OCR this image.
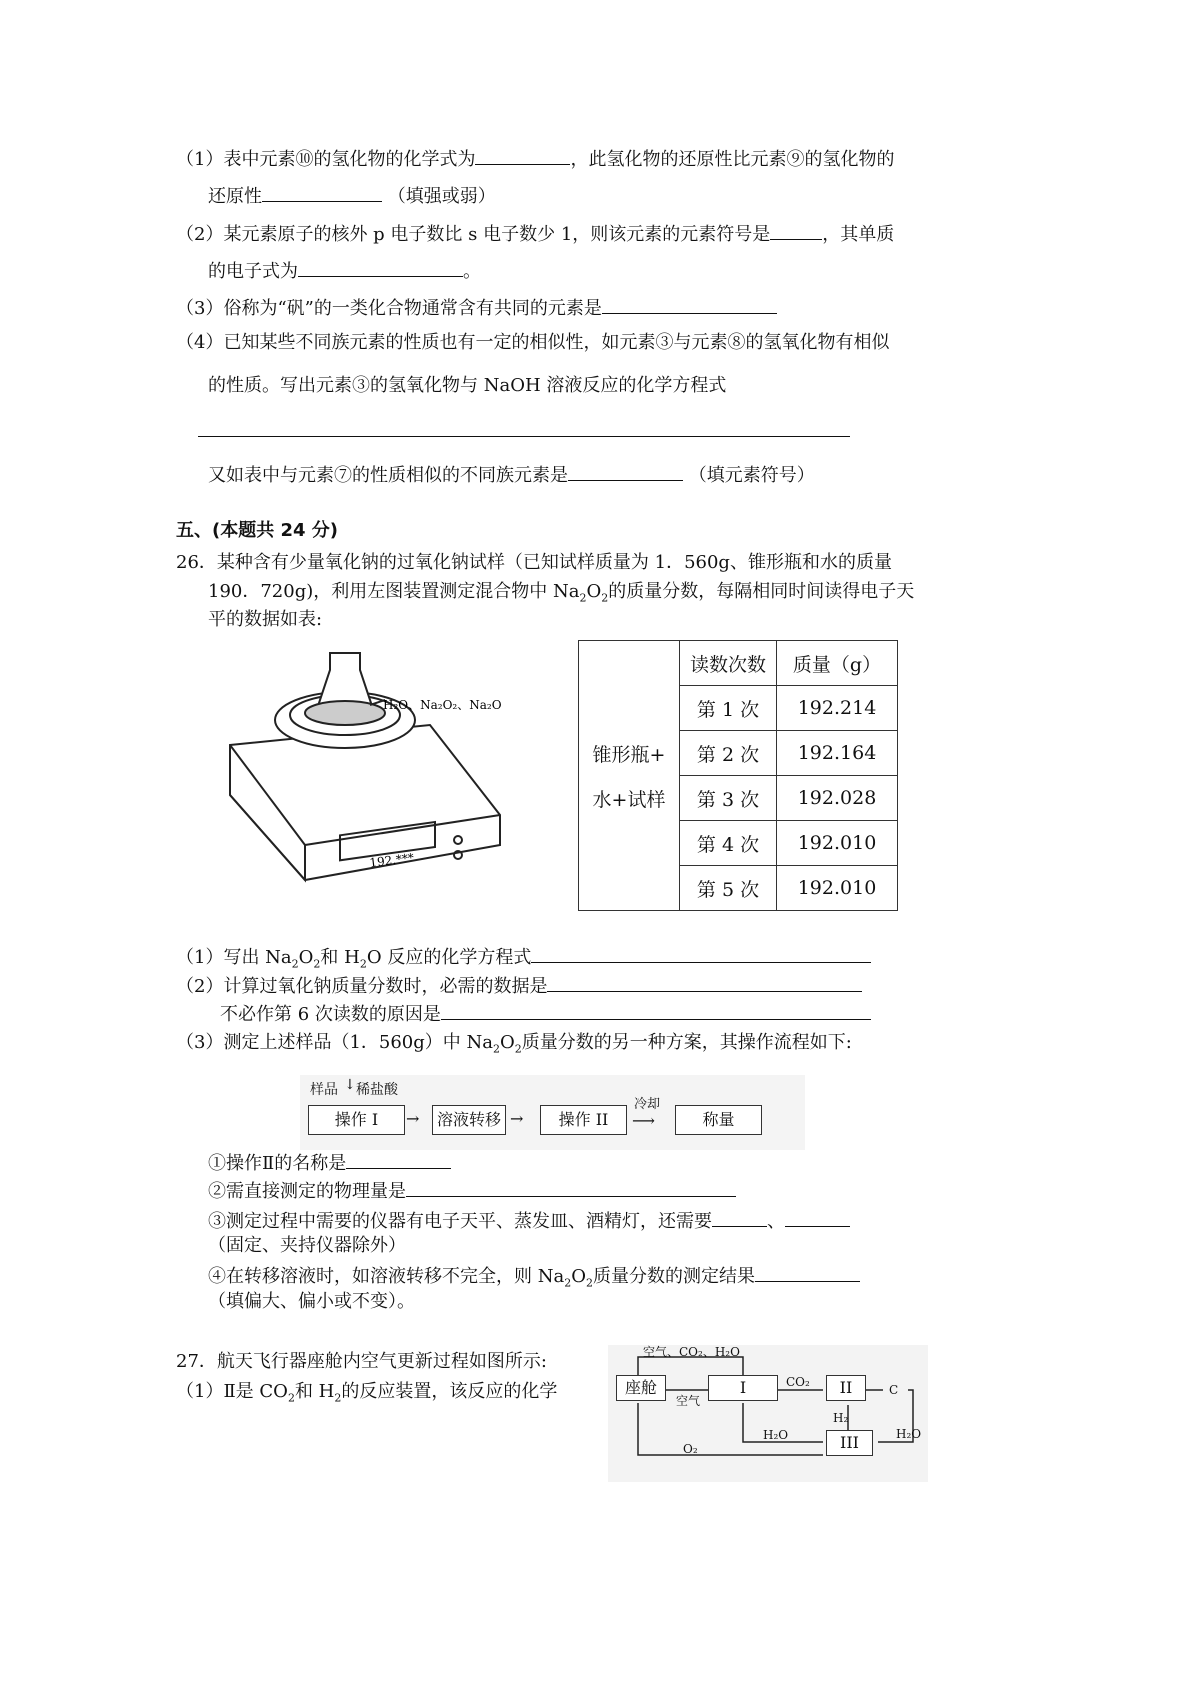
（1）表中元素⑩的氢化物的化学式为	，此氢化物的还原性比元素⑨的氢化物的
还原性	（填强或弱）
（2）某元素原子的核外 p 电子数比 s 电子数少 1，则该元素的元素符号是	，其单质
的电子式为	。
（3）俗称为“矾”的一类化合物通常含有共同的元素是
（4）已知某些不同族元素的性质也有一定的相似性，如元素③与元素⑧的氢氧化物有相似
的性质。写出元素③的氢氧化物与 NaOH 溶液反应的化学方程式
又如表中与元素⑦的性质相似的不同族元素是	（填元素符号）
五、(本题共 24 分)
26．某种含有少量氧化钠的过氧化钠试样（已知试样质量为 1．560g、锥形瓶和水的质量
190．720g)，利用左图装置测定混合物中 $Na_2O_2$的质量分数，每隔相同时间读得电子天
平的数据如表:
192.***
H₂O、Na₂O₂、Na₂O
	读数次数	质量（g）
	第 1 次	192.214
锥形瓶+	第 2 次	192.164
水+试样	第 3 次	192.028
	第 4 次	192.010
	第 5 次	192.010
（1）写出 $Na_2O_2$和 $H_2O$ 反应的化学方程式
（2）计算过氧化钠质量分数时，必需的数据是
不必作第 6 次读数的原因是
（3）测定上述样品（1．560g）中 $Na_2O_2$质量分数的另一种方案，其操作流程如下:
样品 ↓ 稀盐酸
操作 I	溶液转移	操作 II	称量
→	→	⟶
冷却
①操作Ⅱ的名称是
②需直接测定的物理量是
③测定过程中需要的仪器有电子天平、蒸发皿、酒精灯，还需要	、
（固定、夹持仪器除外）
④在转移溶液时，如溶液转移不完全，则 $Na_2O_2$质量分数的测定结果
（填偏大、偏小或不变）。
27．航天飞行器座舱内空气更新过程如图所示:
（1）Ⅱ是 $CO_2$和 $H_2$的反应装置，该反应的化学	座舱	I	II
III
空气、CO₂、H₂O
空气
CO₂
C
H₂
H₂O	H₂O
O₂
